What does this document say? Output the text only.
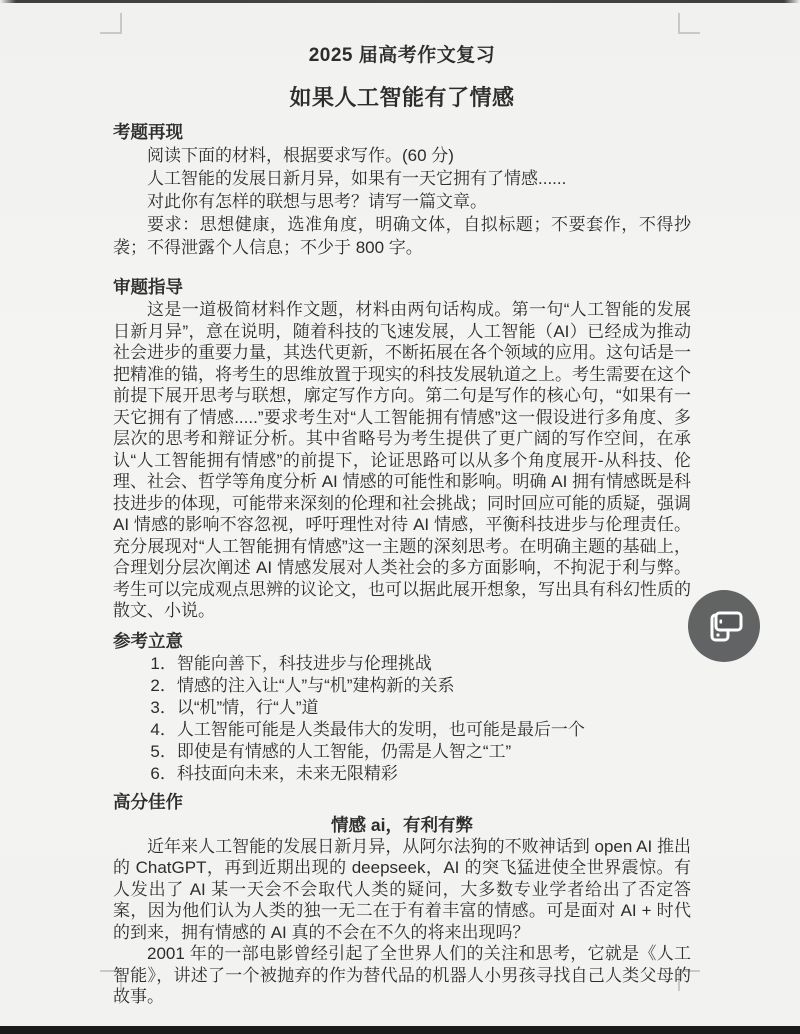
2025 届高考作文复习
如果人工智能有了情感
考题再现

阅读下面的材料，根据要求写作。(60 分)

人工智能的发展日新月异，如果有一天它拥有了情感......

对此你有怎样的联想与思考？请写一篇文章。

要求：思想健康，选准角度，明确文体，自拟标题；不要套作，不得抄袭；不得泄露个人信息；不少于 800 字。

审题指导

这是一道极简材料作文题，材料由两句话构成。第一句“人工智能的发展日新月异”，意在说明，随着科技的飞速发展，人工智能（AI）已经成为推动社会进步的重要力量，其迭代更新，不断拓展在各个领域的应用。这句话是一把精准的锚，将考生的思维放置于现实的科技发展轨道之上。考生需要在这个前提下展开思考与联想，廓定写作方向。第二句是写作的核心句，“如果有一天它拥有了情感.....”要求考生对“人工智能拥有情感”这一假设进行多角度、多层次的思考和辩证分析。其中省略号为考生提供了更广阔的写作空间，在承认“人工智能拥有情感”的前提下，论证思路可以从多个角度展开-从科技、伦理、社会、哲学等角度分析 AI 情感的可能性和影响。明确 AI 拥有情感既是科技进步的体现，可能带来深刻的伦理和社会挑战；同时回应可能的质疑，强调 AI 情感的影响不容忽视，呼吁理性对待 AI 情感，平衡科技进步与伦理责任。充分展现对“人工智能拥有情感”这一主题的深刻思考。在明确主题的基础上，合理划分层次阐述 AI 情感发展对人类社会的多方面影响，不拘泥于利与弊。考生可以完成观点思辨的议论文，也可以据此展开想象，写出具有科幻性质的散文、小说。

参考立意
1．智能向善下，科技进步与伦理挑战
2．情感的注入让“人”与“机”建构新的关系
3．以“机”情，行“人”道
4．人工智能可能是人类最伟大的发明，也可能是最后一个
5．即使是有情感的人工智能，仍需是人智之“工”
6．科技面向未来，未来无限精彩
高分佳作

情感 ai，有利有弊

近年来人工智能的发展日新月异，从阿尔法狗的不败神话到 open AI 推出的 ChatGPT，再到近期出现的 deepseek，AI 的突飞猛进使全世界震惊。有人发出了 AI 某一天会不会取代人类的疑问，大多数专业学者给出了否定答案，因为他们认为人类的独一无二在于有着丰富的情感。可是面对 AI + 时代的到来，拥有情感的 AI 真的不会在不久的将来出现吗？

2001 年的一部电影曾经引起了全世界人们的关注和思考，它就是《人工智能》，讲述了一个被抛弃的作为替代品的机器人小男孩寻找自己人类父母的故事。
